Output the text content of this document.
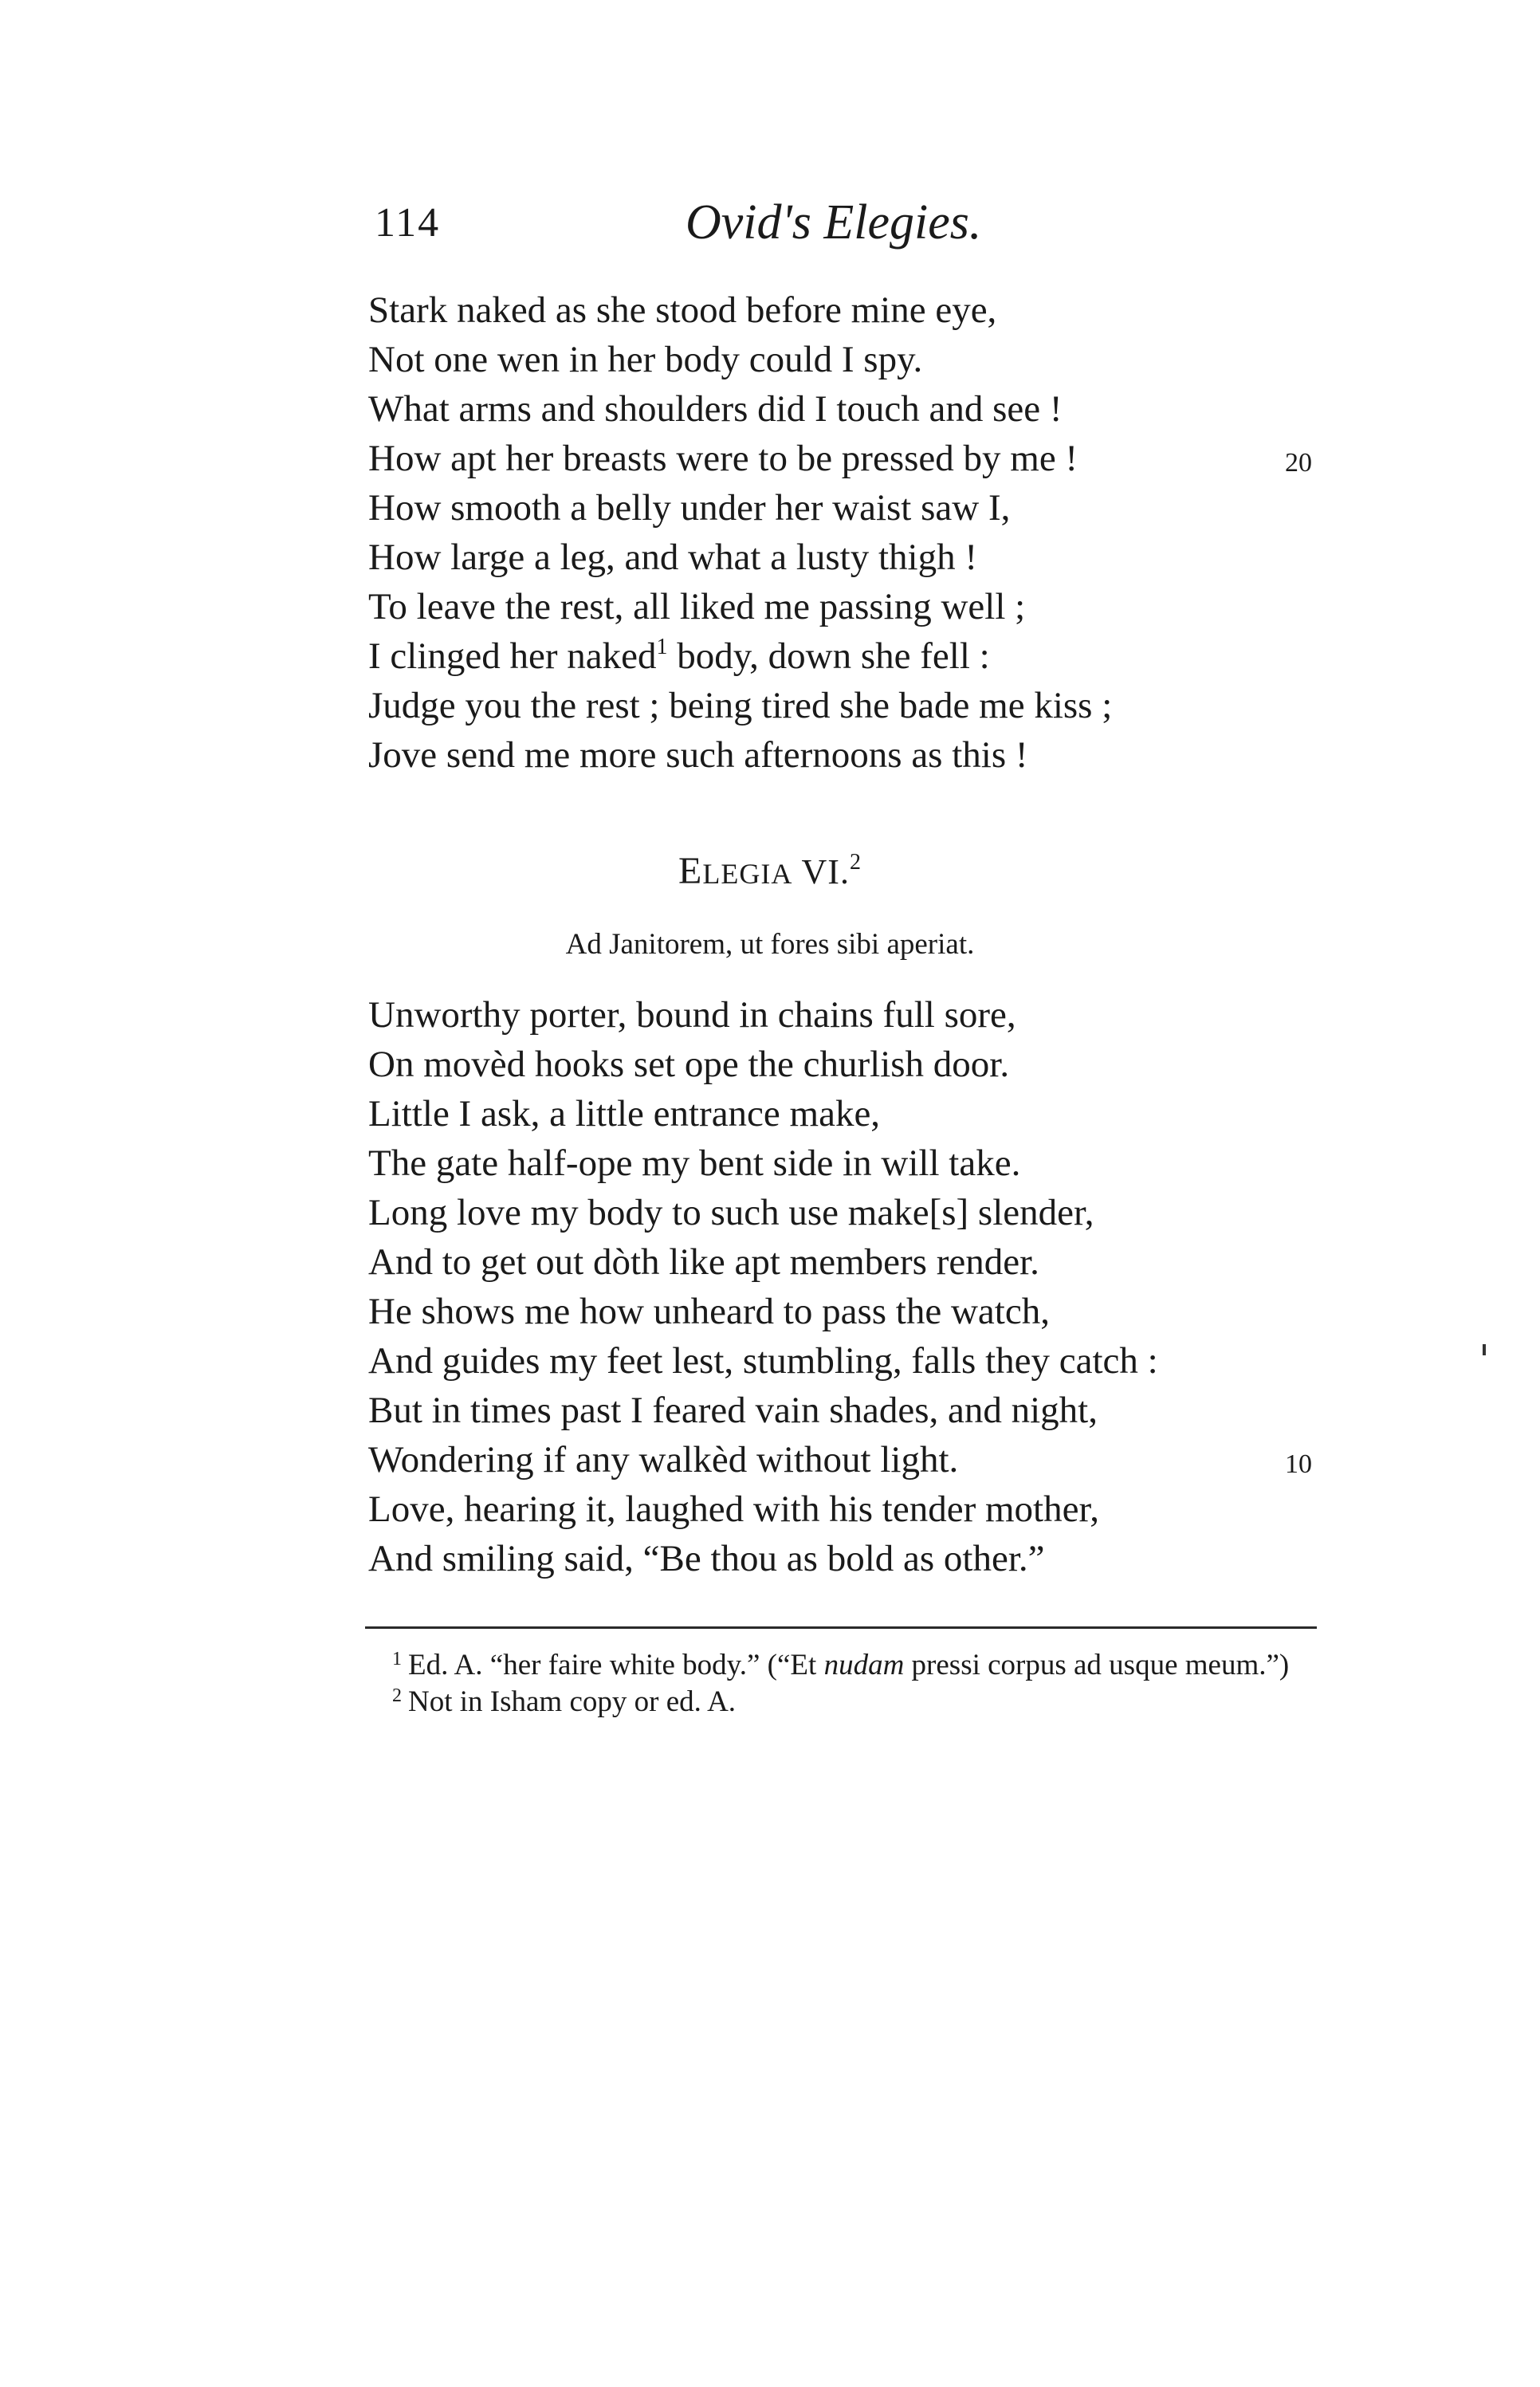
114	Ovid's Elegies.
Stark naked as she stood before mine eye,
Not one wen in her body could I spy.
What arms and shoulders did I touch and see !
How apt her breasts were to be pressed by me !	20
How smooth a belly under her waist saw I,
How large a leg, and what a lusty thigh !
To leave the rest, all liked me passing well ;
I clinged her naked$^1$ body, down she fell :
Judge you the rest ; being tired she bade me kiss ;
Jove send me more such afternoons as this !
ELEGIA VI.$^2$
Ad Janitorem, ut fores sibi aperiat.
Unworthy porter, bound in chains full sore,
On movèd hooks set ope the churlish door.
Little I ask, a little entrance make,
The gate half-ope my bent side in will take.
Long love my body to such use make[s] slender,
And to get out dòth like apt members render.
He shows me how unheard to pass the watch,
And guides my feet lest, stumbling, falls they catch :
But in times past I feared vain shades, and night,
Wondering if any walkèd without light.	10
Love, hearing it, laughed with his tender mother,
And smiling said, “Be thou as bold as other.”

$^1$ Ed. A. “her faire white body.” (“Et nudam pressi corpus ad usque meum.”)

$^2$ Not in Isham copy or ed. A.
